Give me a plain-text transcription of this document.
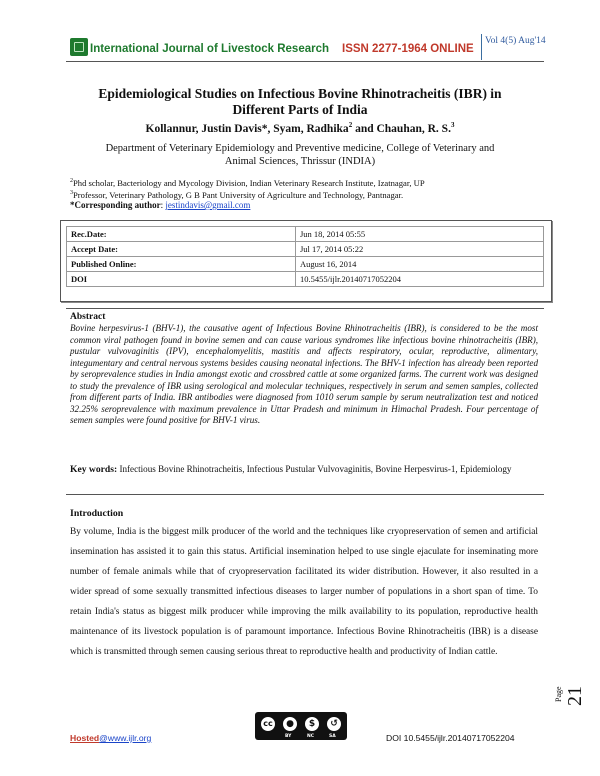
International Journal of Livestock Research ISSN 2277-1964 ONLINE
Vol 4(5) Aug'14
Epidemiological Studies on Infectious Bovine Rhinotracheitis (IBR) in
Different Parts of India
Kollannur, Justin Davis*, Syam, Radhika$^2$ and Chauhan, R. S.$^3$
Department of Veterinary Epidemiology and Preventive medicine, College of Veterinary and
Animal Sciences, Thrissur (INDIA)
$^2$Phd scholar, Bacteriology and Mycology Division, Indian Veterinary Research Institute, Izatnagar, UP
$^3$Professor, Veterinary Pathology, G B Pant University of Agriculture and Technology, Pantnagar.
*Corresponding author: jestindavis@gmail.com
Rec.Date:	Jun 18, 2014 05:55
Accept Date:	Jul 17, 2014 05:22
Published Online:	August 16, 2014
DOI	10.5455/ijlr.20140717052204
Abstract
Bovine herpesvirus-1 (BHV-1), the causative agent of Infectious Bovine Rhinotracheitis (IBR), is considered to be the most common viral pathogen found in bovine semen and can cause various syndromes like infectious bovine rhinotracheitis (IBR), pustular vulvovaginitis (IPV), encephalomyelitis, mastitis and affects respiratory, ocular, reproductive, alimentary, integumentary and central nervous systems besides causing neonatal infections. The BHV-1 infection has already been reported by seroprevalence studies in India amongst exotic and crossbred cattle at some organized farms. The current work was designed to study the prevalence of IBR using serological and molecular techniques, respectively in serum and semen samples, collected from different parts of India. IBR antibodies were diagnosed from 1010 serum sample by serum neutralization test and noticed 32.25% seroprevalence with maximum prevalence in Uttar Pradesh and minimum in Himachal Pradesh. Four percentage of semen samples were found positive for BHV-1 virus.
Key words: Infectious Bovine Rhinotracheitis, Infectious Pustular Vulvovaginitis, Bovine Herpesvirus-1, Epidemiology
Introduction
By volume, India is the biggest milk producer of the world and the techniques like cryopreservation of semen and artificial insemination has assisted it to gain this status. Artificial insemination helped to use single ejaculate for inseminating more number of female animals while that of cryopreservation facilitated its wider distribution. However, it also resulted in a wider spread of some sexually transmitted infectious diseases to larger number of populations in a short span of time. To retain India's status as biggest milk producer while improving the milk availability to its population, reproductive health maintenance of its livestock population is of paramount importance. Infectious Bovine Rhinotracheitis (IBR) is a disease which is transmitted through semen causing serious threat to reproductive health and productivity of Indian cattle.
Page 21
Hosted@www.ijlr.org
cc	●	$	↺
BY	NC	SA	DOI 10.5455/ijlr.20140717052204
